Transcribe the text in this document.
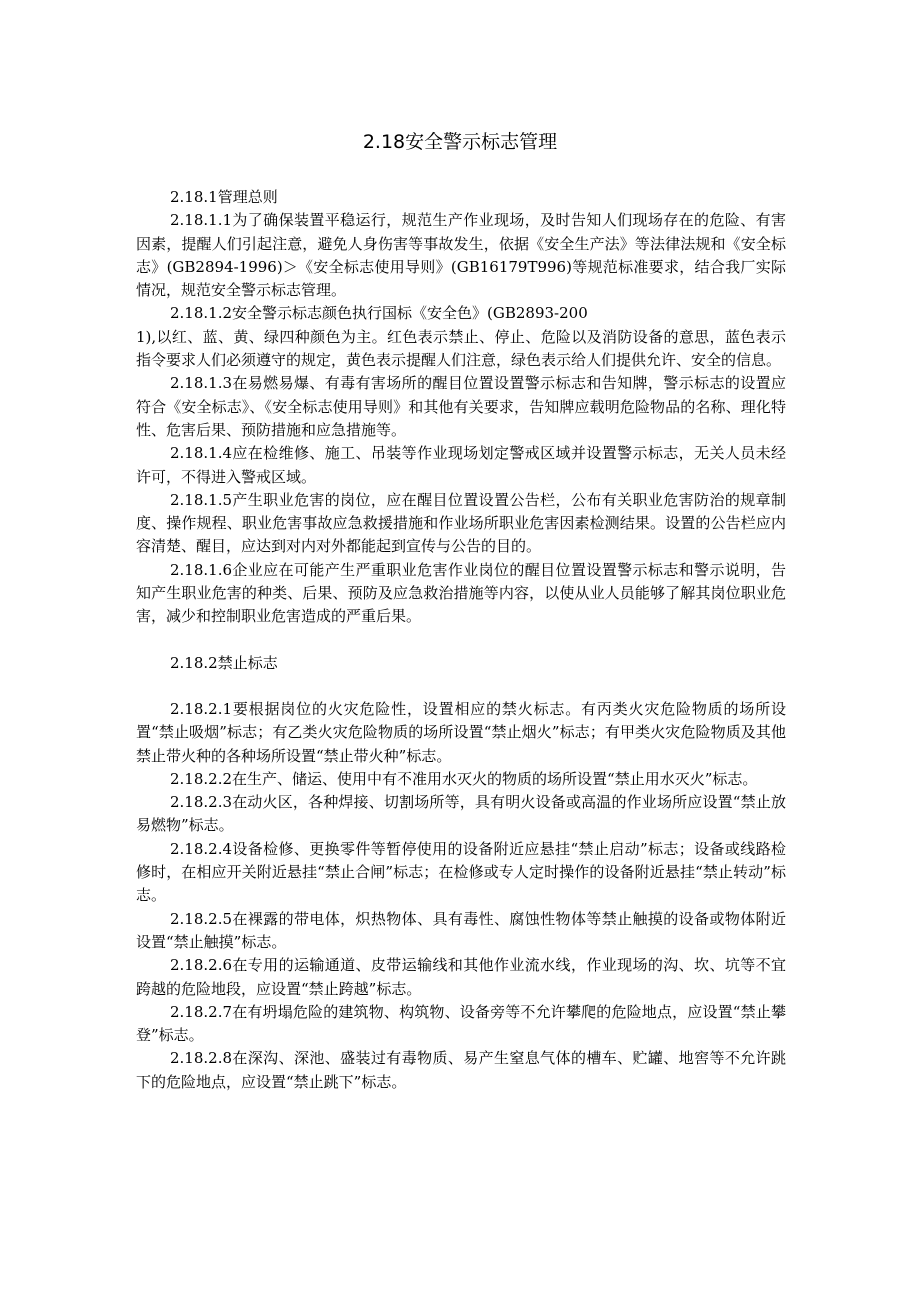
2.18安全警示标志管理

2.18.1管理总则

2.18.1.1为了确保装置平稳运行，规范生产作业现场，及时告知人们现场存在的危险、有害因素，提醒人们引起注意，避免人身伤害等事故发生，依据《安全生产法》等法律法规和《安全标志》(GB2894-1996)＞《安全标志使用导则》(GB16179T996)等规范标准要求，结合我厂实际情况，规范安全警示标志管理。

2.18.1.2安全警示标志颜色执行国标《安全色》(GB2893-200

1),以红、蓝、黄、绿四种颜色为主。红色表示禁止、停止、危险以及消防设备的意思，蓝色表示指令要求人们必须遵守的规定，黄色表示提醒人们注意，绿色表示给人们提供允许、安全的信息。

2.18.1.3在易燃易爆、有毒有害场所的醒目位置设置警示标志和告知牌，警示标志的设置应符合《安全标志》、《安全标志使用导则》和其他有关要求，告知牌应载明危险物品的名称、理化特性、危害后果、预防措施和应急措施等。

2.18.1.4应在检维修、施工、吊装等作业现场划定警戒区域并设置警示标志，无关人员未经许可，不得进入警戒区域。

2.18.1.5产生职业危害的岗位，应在醒目位置设置公告栏，公布有关职业危害防治的规章制度、操作规程、职业危害事故应急救援措施和作业场所职业危害因素检测结果。设置的公告栏应内容清楚、醒目，应达到对内对外都能起到宣传与公告的目的。

2.18.1.6企业应在可能产生严重职业危害作业岗位的醒目位置设置警示标志和警示说明，告知产生职业危害的种类、后果、预防及应急救治措施等内容，以使从业人员能够了解其岗位职业危害，减少和控制职业危害造成的严重后果。

2.18.2禁止标志

2.18.2.1要根据岗位的火灾危险性，设置相应的禁火标志。有丙类火灾危险物质的场所设置“禁止吸烟”标志；有乙类火灾危险物质的场所设置“禁止烟火”标志；有甲类火灾危险物质及其他禁止带火种的各种场所设置“禁止带火种”标志。

2.18.2.2在生产、储运、使用中有不准用水灭火的物质的场所设置“禁止用水灭火”标志。

2.18.2.3在动火区，各种焊接、切割场所等，具有明火设备或高温的作业场所应设置“禁止放易燃物”标志。

2.18.2.4设备检修、更换零件等暂停使用的设备附近应悬挂“禁止启动”标志；设备或线路检修时，在相应开关附近悬挂“禁止合闸”标志；在检修或专人定时操作的设备附近悬挂“禁止转动”标志。

2.18.2.5在裸露的带电体，炽热物体、具有毒性、腐蚀性物体等禁止触摸的设备或物体附近设置“禁止触摸”标志。

2.18.2.6在专用的运输通道、皮带运输线和其他作业流水线，作业现场的沟、坎、坑等不宜跨越的危险地段，应设置“禁止跨越”标志。

2.18.2.7在有坍塌危险的建筑物、构筑物、设备旁等不允许攀爬的危险地点，应设置“禁止攀登”标志。

2.18.2.8在深沟、深池、盛装过有毒物质、易产生窒息气体的槽车、贮罐、地窖等不允许跳下的危险地点，应设置“禁止跳下”标志。
